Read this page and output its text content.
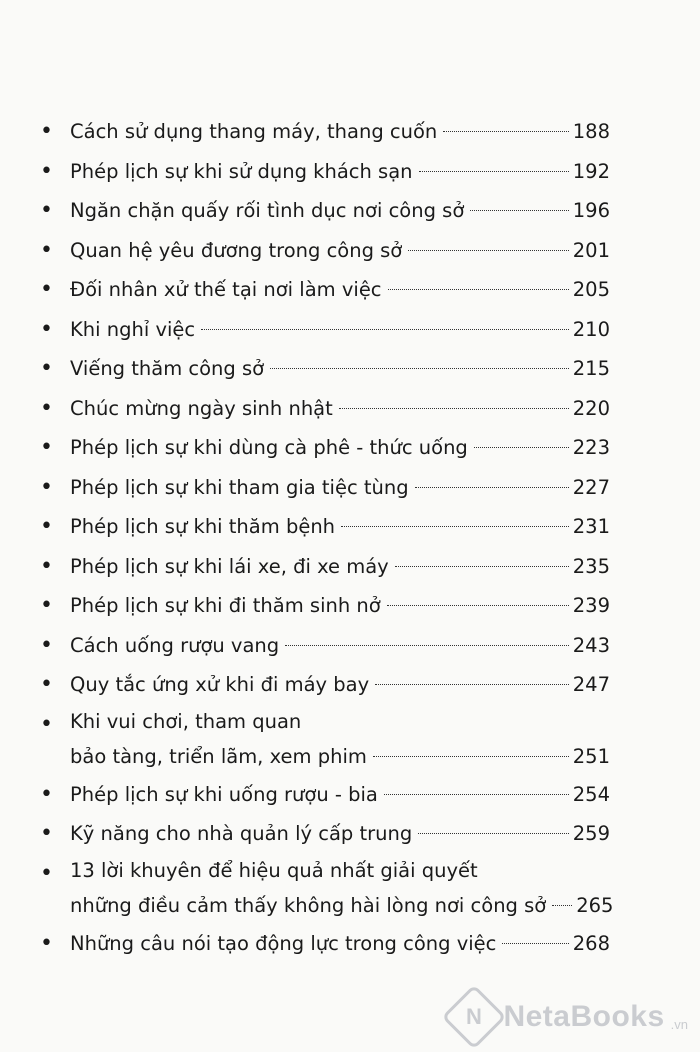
• Cách sử dụng thang máy, thang cuốn	188
• Phép lịch sự khi sử dụng khách sạn	192
• Ngăn chặn quấy rối tình dục nơi công sở	196
• Quan hệ yêu đương trong công sở	201
• Đối nhân xử thế tại nơi làm việc	205
• Khi nghỉ việc	210
• Viếng thăm công sở	215
• Chúc mừng ngày sinh nhật	220
• Phép lịch sự khi dùng cà phê - thức uống	223
• Phép lịch sự khi tham gia tiệc tùng	227
• Phép lịch sự khi thăm bệnh	231
• Phép lịch sự khi lái xe, đi xe máy	235
• Phép lịch sự khi đi thăm sinh nở	239
• Cách uống rượu vang	243
• Quy tắc ứng xử khi đi máy bay	247
• Khi vui chơi, tham quan
bảo tàng, triển lãm, xem phim	251
• Phép lịch sự khi uống rượu - bia	254
• Kỹ năng cho nhà quản lý cấp trung	259
• 13 lời khuyên để hiệu quả nhất giải quyết
những điều cảm thấy không hài lòng nơi công sở 265
• Những câu nói tạo động lực trong công việc	268
N NetaBooks .vn
